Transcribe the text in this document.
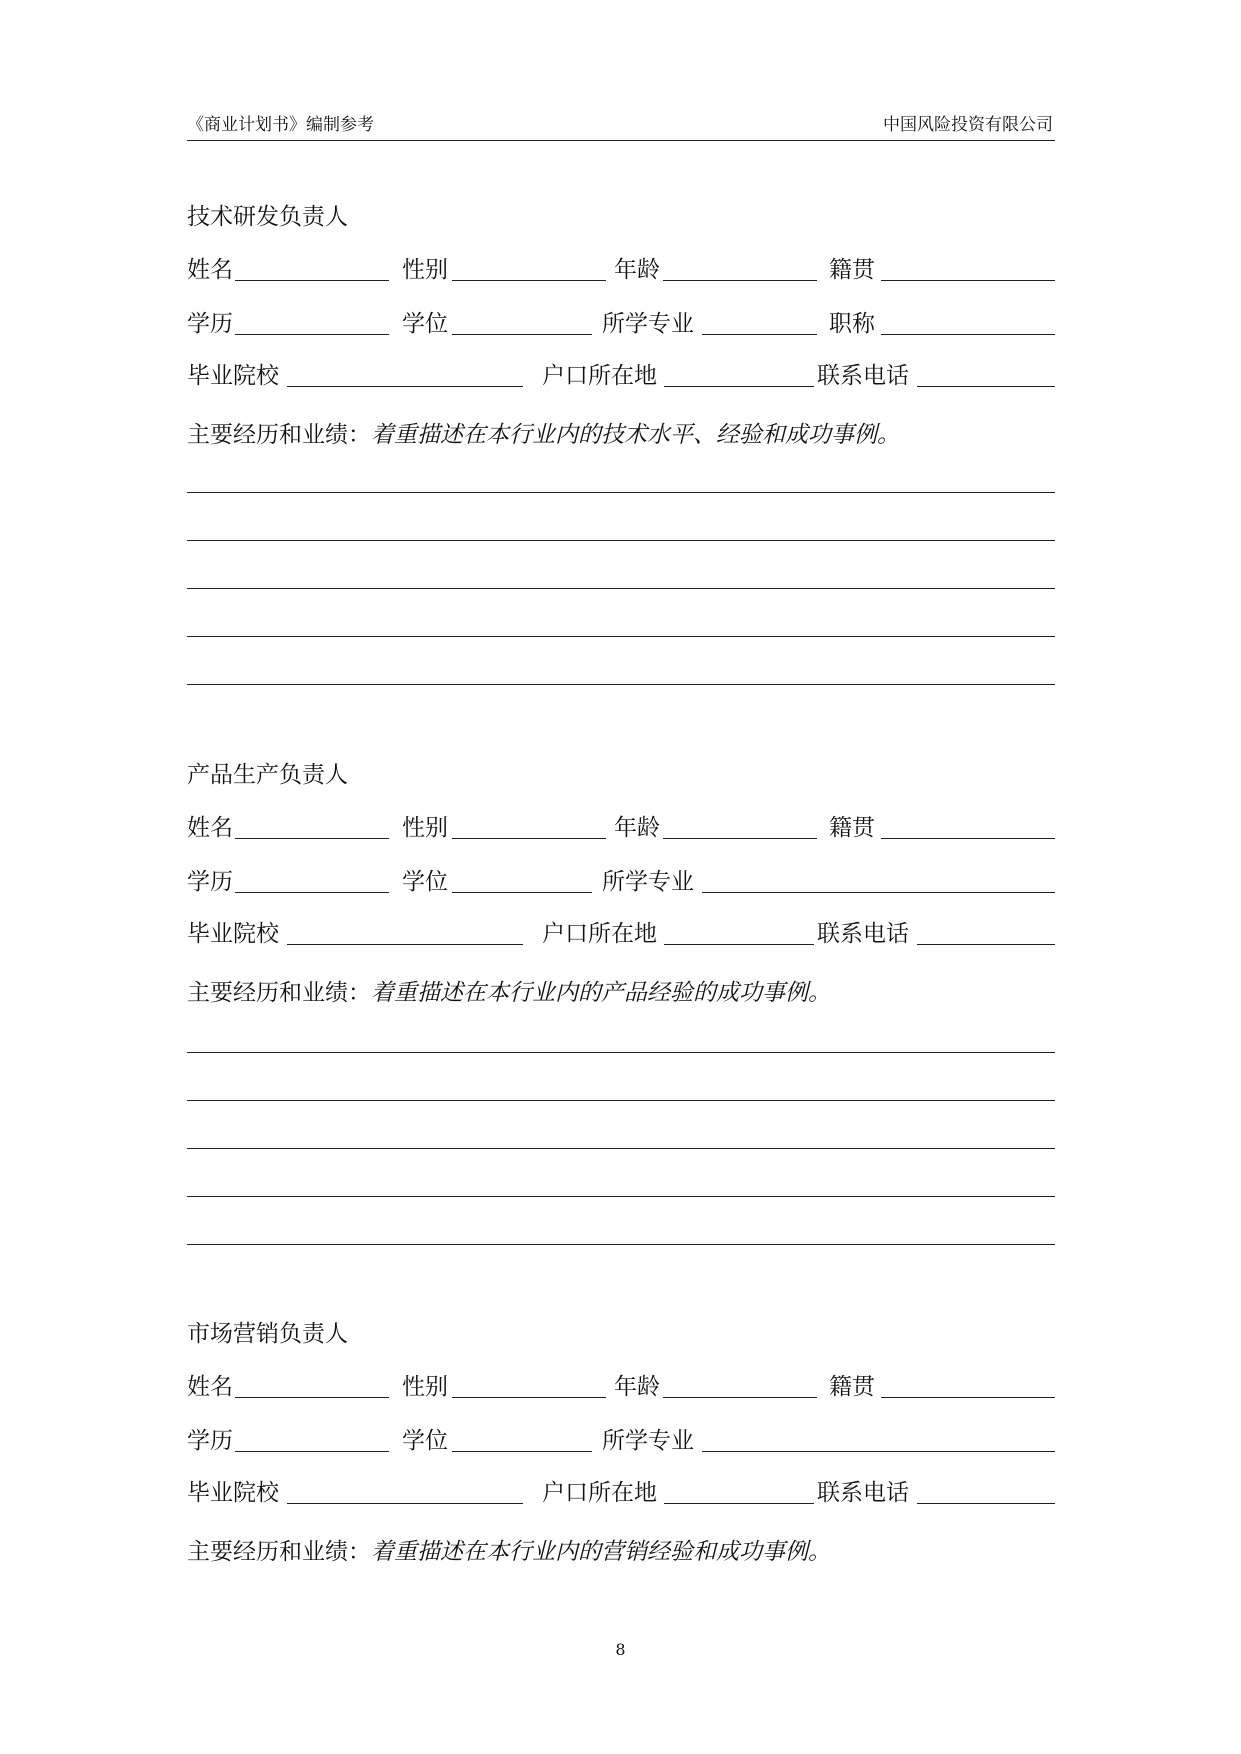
《商业计划书》编制参考	中国风险投资有限公司
技术研发负责人
姓名	性别	年龄	籍贯
学历	学位	所学专业	职称
毕业院校	户口所在地	联系电话
主要经历和业绩：着重描述在本行业内的技术水平、经验和成功事例。
产品生产负责人
姓名	性别	年龄	籍贯
学历	学位	所学专业
毕业院校	户口所在地	联系电话
主要经历和业绩：着重描述在本行业内的产品经验的成功事例。
市场营销负责人
姓名	性别	年龄	籍贯
学历	学位	所学专业
毕业院校	户口所在地	联系电话
主要经历和业绩：着重描述在本行业内的营销经验和成功事例。
8
